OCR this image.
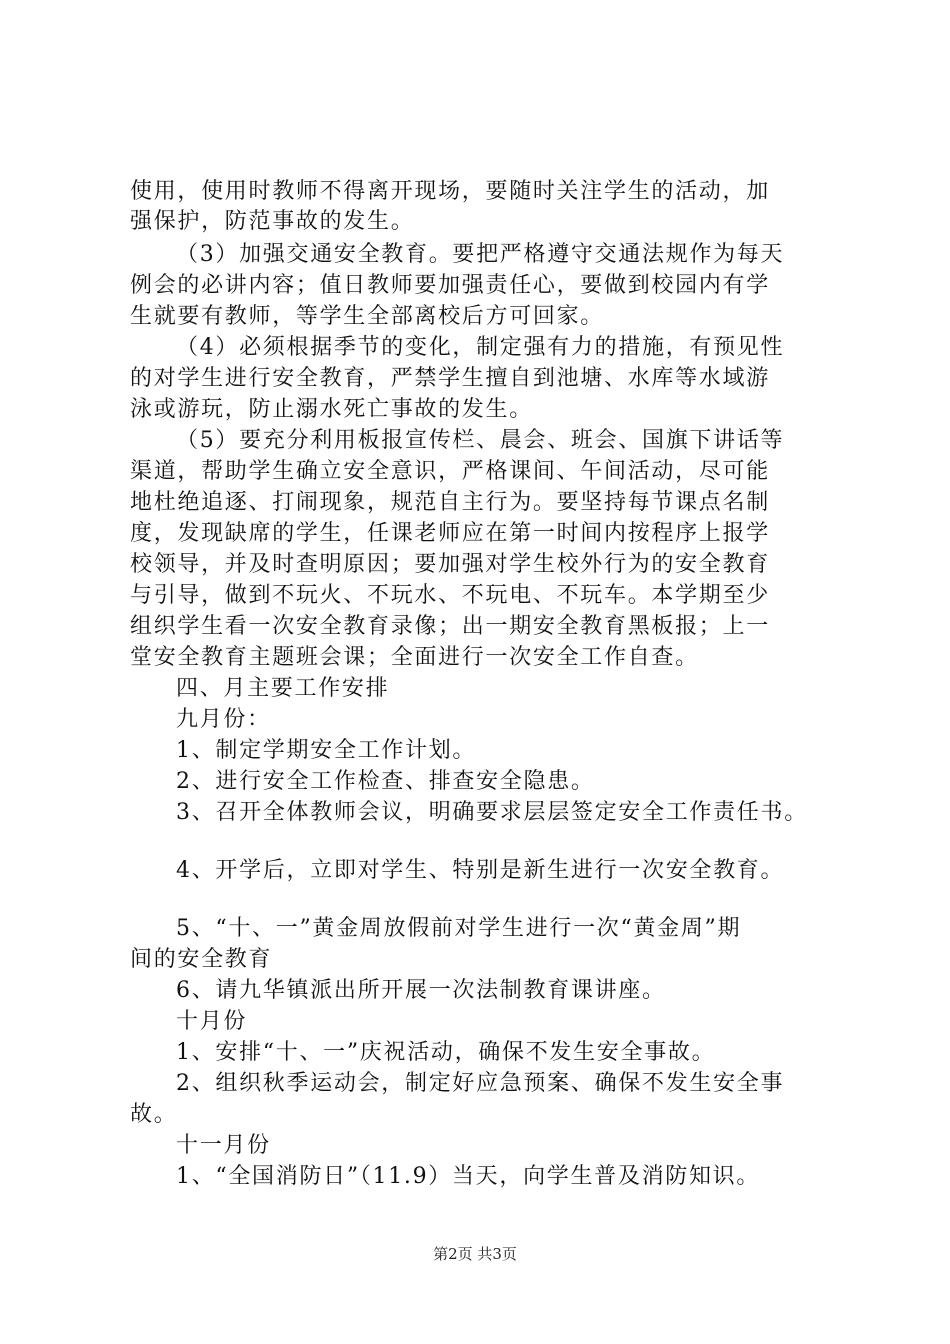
使用，使用时教师不得离开现场，要随时关注学生的活动，加
强保护，防范事故的发生。
（3）加强交通安全教育。要把严格遵守交通法规作为每天
例会的必讲内容；值日教师要加强责任心，要做到校园内有学
生就要有教师，等学生全部离校后方可回家。
（4）必须根据季节的变化，制定强有力的措施，有预见性
的对学生进行安全教育，严禁学生擅自到池塘、水库等水域游
泳或游玩，防止溺水死亡事故的发生。
（5）要充分利用板报宣传栏、晨会、班会、国旗下讲话等
渠道，帮助学生确立安全意识，严格课间、午间活动，尽可能
地杜绝追逐、打闹现象，规范自主行为。要坚持每节课点名制
度，发现缺席的学生，任课老师应在第一时间内按程序上报学
校领导，并及时查明原因；要加强对学生校外行为的安全教育
与引导，做到不玩火、不玩水、不玩电、不玩车。本学期至少
组织学生看一次安全教育录像；出一期安全教育黑板报；上一
堂安全教育主题班会课；全面进行一次安全工作自查。
四、月主要工作安排
九月份：
1、制定学期安全工作计划。
2、进行安全工作检查、排查安全隐患。
3、召开全体教师会议，明确要求层层签定安全工作责任书。
4、开学后，立即对学生、特别是新生进行一次安全教育。
5、“十、一”黄金周放假前对学生进行一次“黄金周”期
间的安全教育
6、请九华镇派出所开展一次法制教育课讲座。
十月份
1、安排“十、一”庆祝活动，确保不发生安全事故。
2、组织秋季运动会，制定好应急预案、确保不发生安全事
故。
十一月份
1、“全国消防日”（11.9）当天，向学生普及消防知识。
第2页 共3页
